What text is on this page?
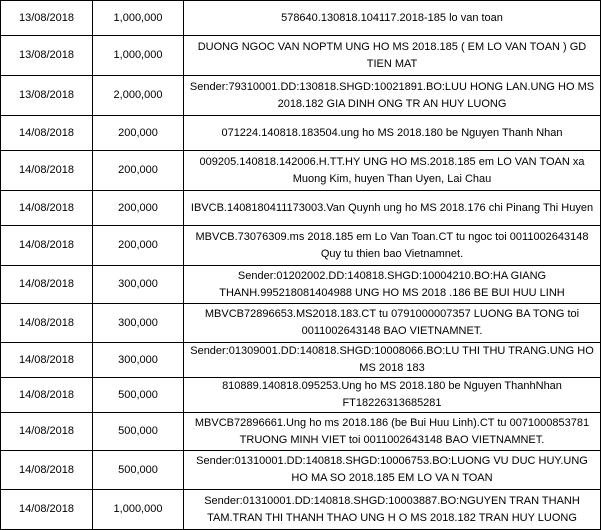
13/08/2018	1,000,000	578640.130818.104117.2018-185 lo van toan
13/08/2018	1,000,000	DUONG NGOC VAN NOPTM UNG HO MS 2018.185 ( EM LO VAN TOAN ) GD TIEN MAT
13/08/2018	2,000,000	Sender:79310001.DD:130818.SHGD:10021891.BO:LUU HONG LAN.UNG HO MS 2018.182 GIA DINH ONG TR AN HUY LUONG
14/08/2018	200,000	071224.140818.183504.ung ho MS 2018.180 be Nguyen Thanh Nhan
14/08/2018	200,000	009205.140818.142006.H.TT.HY UNG HO MS.2018.185 em LO VAN TOAN xa Muong Kim, huyen Than Uyen, Lai Chau
14/08/2018	200,000	IBVCB.1408180411173003.Van Quynh ung ho MS 2018.176 chi Pinang Thi Huyen
14/08/2018	200,000	MBVCB.73076309.ms 2018.185 em Lo Van Toan.CT tu ngoc toi 0011002643148 Quy tu thien bao Vietnamnet.
14/08/2018	300,000	Sender:01202002.DD:140818.SHGD:10004210.BO:HA GIANG THANH.995218081404988 UNG HO MS 2018 .186 BE BUI HUU LINH
14/08/2018	300,000	MBVCB72896653.MS2018.183.CT tu 0791000007357 LUONG BA TONG toi 0011002643148 BAO VIETNAMNET.
14/08/2018	300,000	Sender:01309001.DD:140818.SHGD:10008066.BO:LU THI THU TRANG.UNG HO MS 2018 183
14/08/2018	500,000	810889.140818.095253.Ung ho MS 2018.180 be Nguyen ThanhNhan FT18226313685281
14/08/2018	500,000	MBVCB72896661.Ung ho ms 2018.186 (be Bui Huu Linh).CT tu 0071000853781 TRUONG MINH VIET toi 0011002643148 BAO VIETNAMNET.
14/08/2018	500,000	Sender:01310001.DD:140818.SHGD:10006753.BO:LUONG VU DUC HUY.UNG HO MA SO 2018.185 EM LO VA N TOAN
14/08/2018	1,000,000	Sender:01310001.DD:140818.SHGD:10003887.BO:NGUYEN TRAN THANH TAM.TRAN THI THANH THAO UNG H O MS 2018.182 TRAN HUY LUONG
